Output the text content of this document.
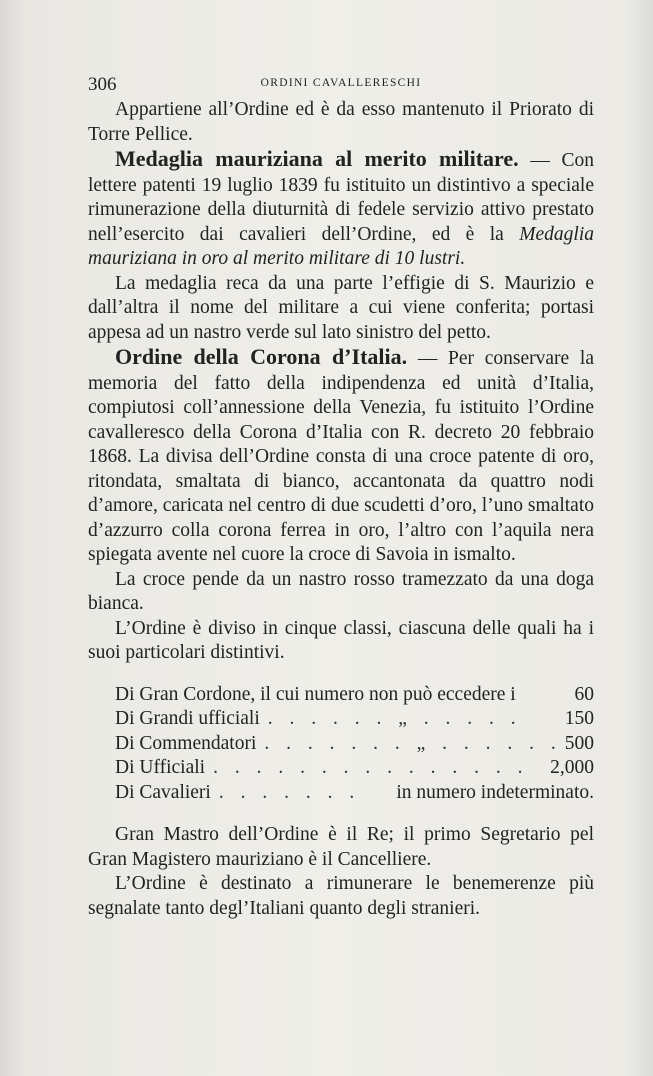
306	ORDINI CAVALLERESCHI

Appartiene all’Ordine ed è da esso mantenuto il Priorato di Torre Pellice.

Medaglia mauriziana al merito militare. — Con lettere patenti 19 luglio 1839 fu istituito un distintivo a speciale rimunerazione della diuturnità di fedele servizio attivo prestato nell’esercito dai cavalieri dell’Ordine, ed è la Medaglia mauriziana in oro al merito militare di 10 lustri.

La medaglia reca da una parte l’effigie di S. Maurizio e dall’altra il nome del militare a cui viene conferita; portasi appesa ad un nastro verde sul lato sinistro del petto.

Ordine della Corona d’Italia. — Per conservare la memoria del fatto della indipendenza ed unità d’Italia, compiutosi coll’annessione della Venezia, fu istituito l’Ordine cavalleresco della Corona d’Italia con R. decreto 20 febbraio 1868. La divisa dell’Ordine consta di una croce patente di oro, ritondata, smaltata di bianco, accantonata da quattro nodi d’amore, caricata nel centro di due scudetti d’oro, l’uno smaltato d’azzurro colla corona ferrea in oro, l’altro con l’aquila nera spiegata avente nel cuore la croce di Savoia in ismalto.

La croce pende da un nastro rosso tramezzato da una doga bianca.

L’Ordine è diviso in cinque classi, ciascuna delle quali ha i suoi particolari distintivi.

Di Gran Cordone, il cui numero non può eccedere i	60
Di Grandi ufficiali . . . . . . „ . . . . .	150
Di Commendatori . . . . . . . „ . . . . . . 500
Di Ufficiali . . . . . . . . . . . . . . .	2,000
Di Cavalieri . . . . . . .	in numero indeterminato.

Gran Mastro dell’Ordine è il Re; il primo Segretario pel Gran Magistero mauriziano è il Cancelliere.

L’Ordine è destinato a rimunerare le benemerenze più segnalate tanto degl’Italiani quanto degli stranieri.
